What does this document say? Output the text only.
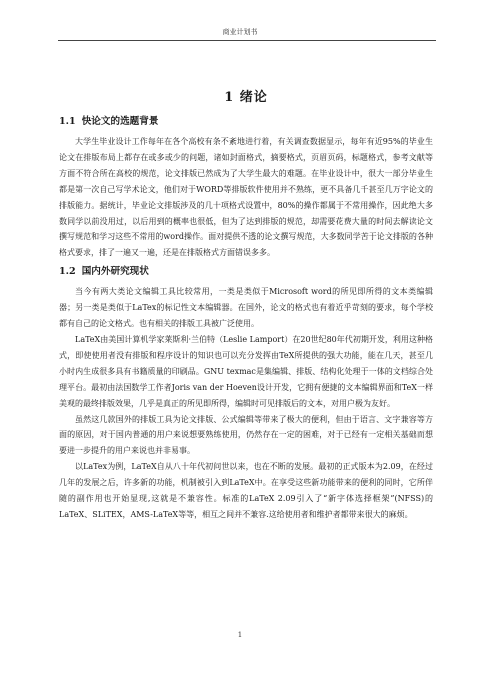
商业计划书
1 绪论
1.1 快论文的选题背景

大学生毕业设计工作每年在各个高校有条不紊地进行着，有关调查数据显示，每年有近95%的毕业生论文在排版布局上都存在或多或少的问题，诸如封面格式，摘要格式，页眉页码，标题格式，参考文献等方面不符合所在高校的规范，论文排版已然成为了大学生最大的难题。在毕业设计中，很大一部分毕业生都是第一次自己写学术论文，他们对于WORD等排版软件使用并不熟练，更不具备几千甚至几万字论文的排版能力。据统计，毕业论文排版涉及的几十项格式设置中，80%的操作都属于不常用操作，因此绝大多数同学以前没用过，以后用到的概率也很低，但为了达到排版的规范，却需要花费大量的时间去解读论文撰写规范和学习这些不常用的word操作。面对提供不透的论文撰写规范，大多数同学苦于论文排版的各种格式要求，排了一遍又一遍，还是在排版格式方面错误多多。

1.2 国内外研究现状

当今有两大类论文编辑工具比较常用，一类是类似于Microsoft word的所见即所得的文本类编辑器；另一类是类似于LaTex的标记性文本编辑器。在国外，论文的格式也有着近乎苛刻的要求，每个学校都有自己的论文格式。也有相关的排版工具被广泛使用。

LaTeX由美国计算机学家莱斯利·兰伯特（Leslie Lamport）在20世纪80年代初期开发，利用这种格式，即使使用者没有排版和程序设计的知识也可以充分发挥由TeX所提供的强大功能，能在几天，甚至几小时内生成很多具有书籍质量的印刷品。GNU texmac是集编辑、排版、结构化处理于一体的文档综合处理平台。最初由法国数学工作者Joris van der Hoeven设计开发，它拥有便捷的文本编辑界面和TeX一样美观的最终排版效果，几乎是真正的所见即所得，编辑时可见排版后的文本，对用户极为友好。

虽然这几款国外的排版工具为论文排版、公式编辑等带来了极大的便利，但由于语言、文字兼容等方面的原因，对于国内普通的用户来说想要熟练使用，仍然存在一定的困难，对于已经有一定相关基础而想要进一步提升的用户来说也并非易事。

以LaTex为例，LaTeX自从八十年代初问世以来，也在不断的发展。最初的正式版本为2.09，在经过几年的发展之后，许多新的功能，机制被引入到LaTeX中。在享受这些新功能带来的便利的同时，它所伴随的副作用也开始显现,这就是不兼容性。标准的LaTeX 2.09引入了“新字体选择框架”(NFSS)的LaTeX、SLiTEX，AMS-LaTeX等等，相互之间并不兼容.这给使用者和维护者都带来很大的麻烦。

1
